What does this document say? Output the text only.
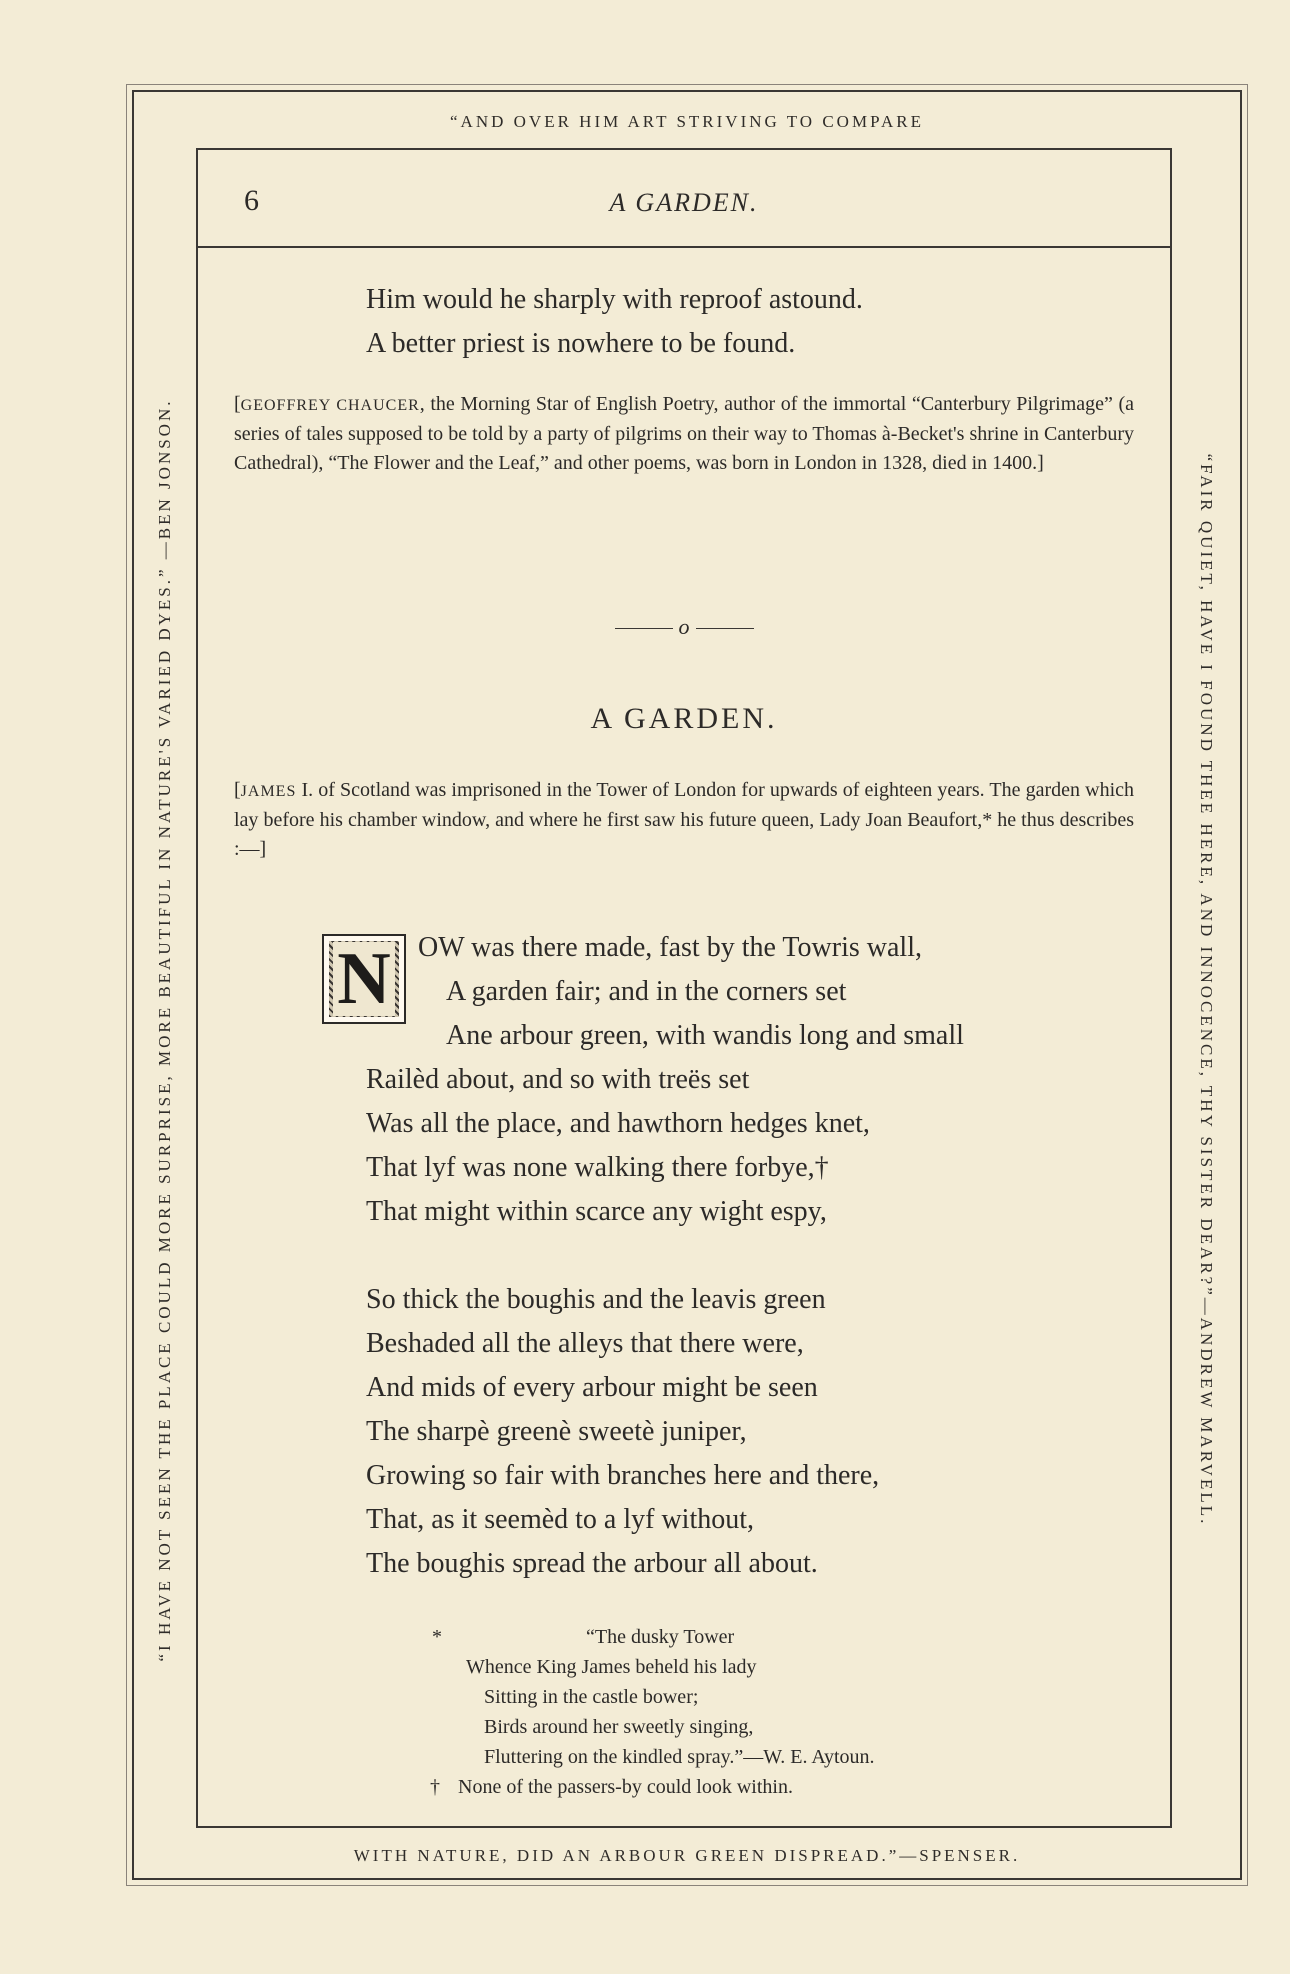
“AND OVER HIM ART STRIVING TO COMPARE
WITH NATURE, DID AN ARBOUR GREEN DISPREAD.”—SPENSER.
“I HAVE NOT SEEN THE PLACE COULD MORE SURPRISE, MORE BEAUTIFUL IN NATURE'S VARIED DYES.” —BEN JONSON.	“FAIR QUIET, HAVE I FOUND THEE HERE, AND INNOCENCE, THY SISTER DEAR?”—ANDREW MARVELL.
6	A GARDEN.
Him would he sharply with reproof astound.
A better priest is nowhere to be found.
[GEOFFREY CHAUCER, the Morning Star of English Poetry, author of the immortal “Canterbury Pilgrimage” (a series of tales supposed to be told by a party of pilgrims on their way to Thomas à-Becket's shrine in Canterbury Cathedral), “The Flower and the Leaf,” and other poems, was born in London in 1328, died in 1400.]
o
A GARDEN.
[JAMES I. of Scotland was imprisoned in the Tower of London for upwards of eighteen years. The garden which lay before his chamber window, and where he first saw his future queen, Lady Joan Beaufort,* he thus describes :—]
N OW was there made, fast by the Towris wall,
A garden fair; and in the corners set
Ane arbour green, with wandis long and small
Railèd about, and so with treës set
Was all the place, and hawthorn hedges knet,
That lyf was none walking there forbye,†
That might within scarce any wight espy,
So thick the boughis and the leavis green
Beshaded all the alleys that there were,
And mids of every arbour might be seen
The sharpè greenè sweetè juniper,
Growing so fair with branches here and there,
That, as it seemèd to a lyf without,
The boughis spread the arbour all about.
*	“The dusky Tower
Whence King James beheld his lady
Sitting in the castle bower;
Birds around her sweetly singing,
Fluttering on the kindled spray.”—W. E. Aytoun.
† None of the passers-by could look within.
